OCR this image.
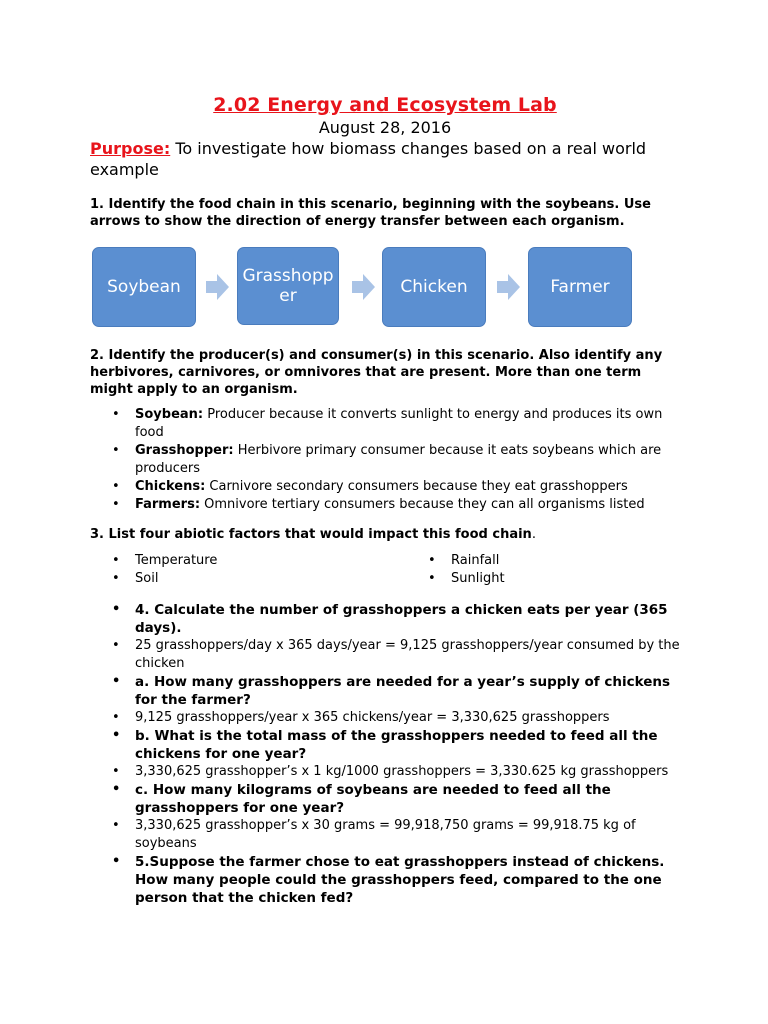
2.02 Energy and Ecosystem Lab
August 28, 2016
Purpose: To investigate how biomass changes based on a real world example
1. Identify the food chain in this scenario, beginning with the soybeans. Use arrows to show the direction of energy transfer between each organism.
Soybean
Grasshopper	Chicken	Farmer
2. Identify the producer(s) and consumer(s) in this scenario. Also identify any herbivores, carnivores, or omnivores that are present. More than one term might apply to an organism.
• Soybean: Producer because it converts sunlight to energy and produces its own food
• Grasshopper: Herbivore primary consumer because it eats soybeans which are producers
• Chickens: Carnivore secondary consumers because they eat grasshoppers
• Farmers: Omnivore tertiary consumers because they can all organisms listed
3. List four abiotic factors that would impact this food chain.
• Temperature
• Soil
• Rainfall
• Sunlight
• 4. Calculate the number of grasshoppers a chicken eats per year (365 days).
• 25 grasshoppers/day x 365 days/year = 9,125 grasshoppers/year consumed by the chicken
• a. How many grasshoppers are needed for a year’s supply of chickens for the farmer?
• 9,125 grasshoppers/year x 365 chickens/year = 3,330,625 grasshoppers
• b. What is the total mass of the grasshoppers needed to feed all the chickens for one year?
• 3,330,625 grasshopper’s x 1 kg/1000 grasshoppers = 3,330.625 kg grasshoppers
• c. How many kilograms of soybeans are needed to feed all the grasshoppers for one year?
• 3,330,625 grasshopper’s x 30 grams = 99,918,750 grams = 99,918.75 kg of soybeans
• 5.Suppose the farmer chose to eat grasshoppers instead of chickens. How many people could the grasshoppers feed, compared to the one person that the chicken fed?
